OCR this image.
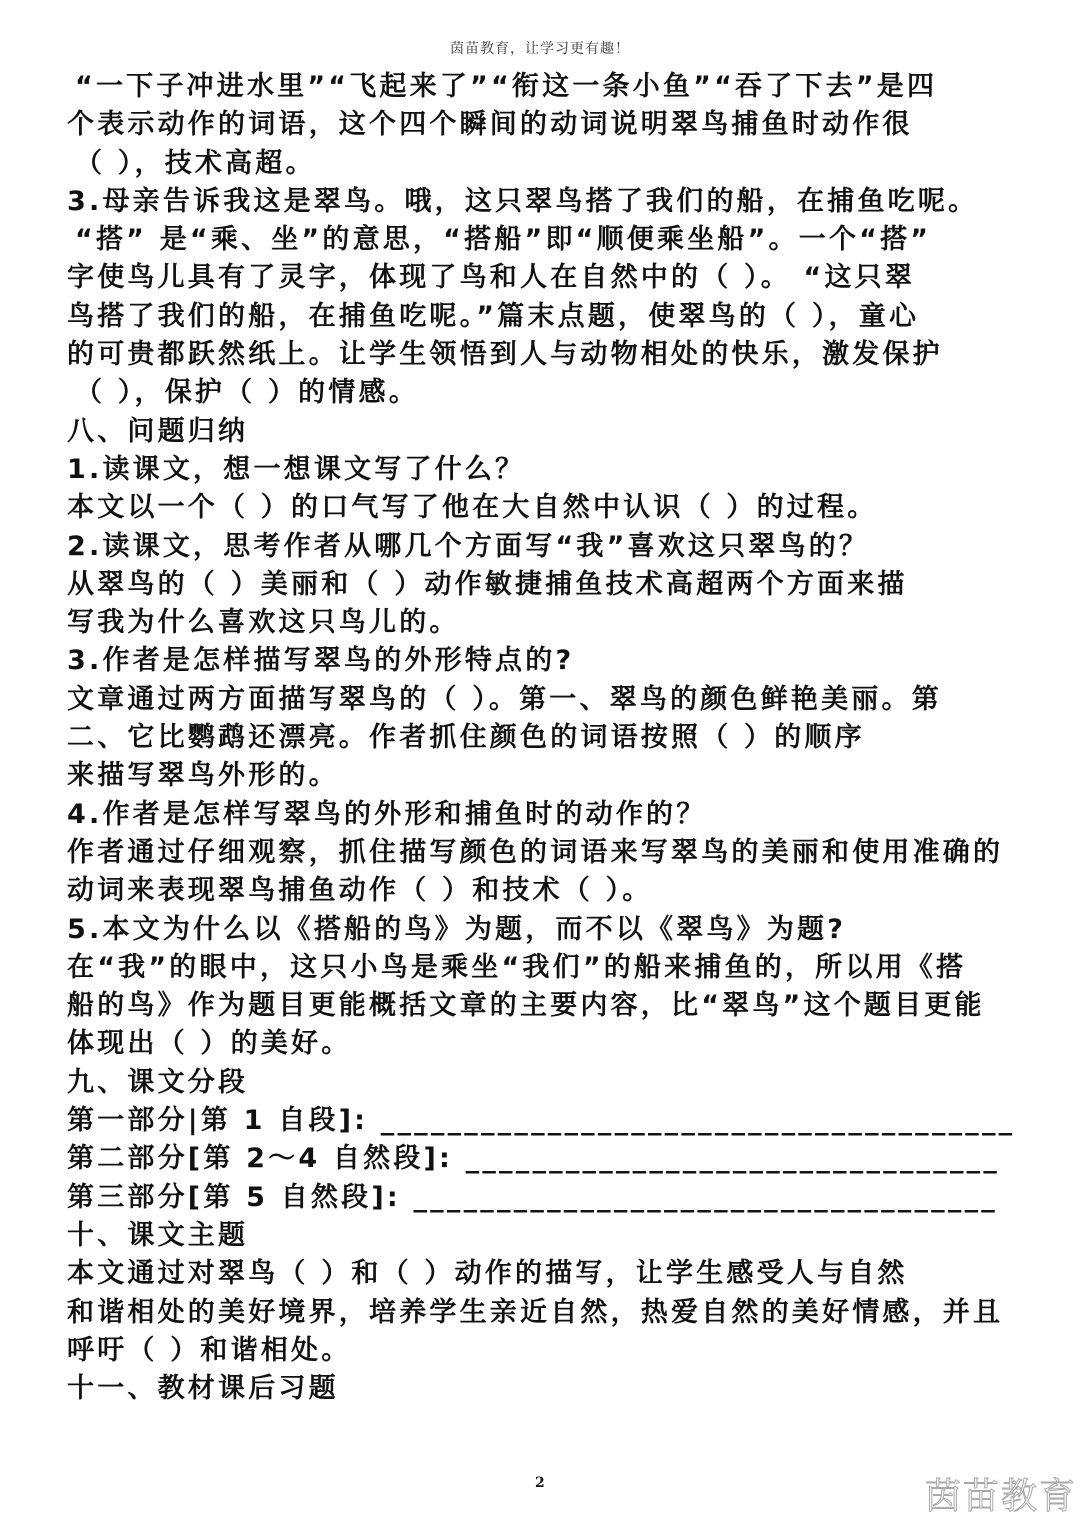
茵苗教育，让学习更有趣！
“一下子冲进水里”“飞起来了”“衔这一条小鱼”“吞了下去”是四
个表示动作的词语，这个四个瞬间的动词说明翠鸟捕鱼时动作很
（ ），技术高超。
3.母亲告诉我这是翠鸟。哦，这只翠鸟搭了我们的船，在捕鱼吃呢。
“搭” 是“乘、坐”的意思，“搭船”即“顺便乘坐船”。一个“搭”
字使鸟儿具有了灵字，体现了鸟和人在自然中的（ ）。 “这只翠
鸟搭了我们的船，在捕鱼吃呢。”篇末点题，使翠鸟的（ ），童心
的可贵都跃然纸上。让学生领悟到人与动物相处的快乐，激发保护
（ ），保护（ ）的情感。
八、问题归纳
1.读课文，想一想课文写了什么？
本文以一个（ ）的口气写了他在大自然中认识（ ）的过程。
2.读课文，思考作者从哪几个方面写“我”喜欢这只翠鸟的？
从翠鸟的（ ）美丽和（ ）动作敏捷捕鱼技术高超两个方面来描
写我为什么喜欢这只鸟儿的。
3.作者是怎样描写翠鸟的外形特点的?
文章通过两方面描写翠鸟的（ ）。第一、翠鸟的颜色鲜艳美丽。第
二、它比鹦鹉还漂亮。作者抓住颜色的词语按照（ ）的顺序
来描写翠鸟外形的。
4.作者是怎样写翠鸟的外形和捕鱼时的动作的？
作者通过仔细观察，抓住描写颜色的词语来写翠鸟的美丽和使用准确的
动词来表现翠鸟捕鱼动作（ ）和技术（ ）。
5.本文为什么以《搭船的鸟》为题，而不以《翠鸟》为题?
在“我”的眼中，这只小鸟是乘坐“我们”的船来捕鱼的，所以用《搭
船的鸟》作为题目更能概括文章的主要内容，比“翠鸟”这个题目更能
体现出（ ）的美好。
九、课文分段
第一部分|第 1 自段]: ______________________________________
第二部分[第 2～4 自然段]: ________________________________
第三部分[第 5 自然段]: ___________________________________
十、课文主题
本文通过对翠鸟（ ）和（ ）动作的描写，让学生感受人与自然
和谐相处的美好境界，培养学生亲近自然，热爱自然的美好情感，并且
呼吁（ ）和谐相处。
十一、教材课后习题
2	茵苗教育
